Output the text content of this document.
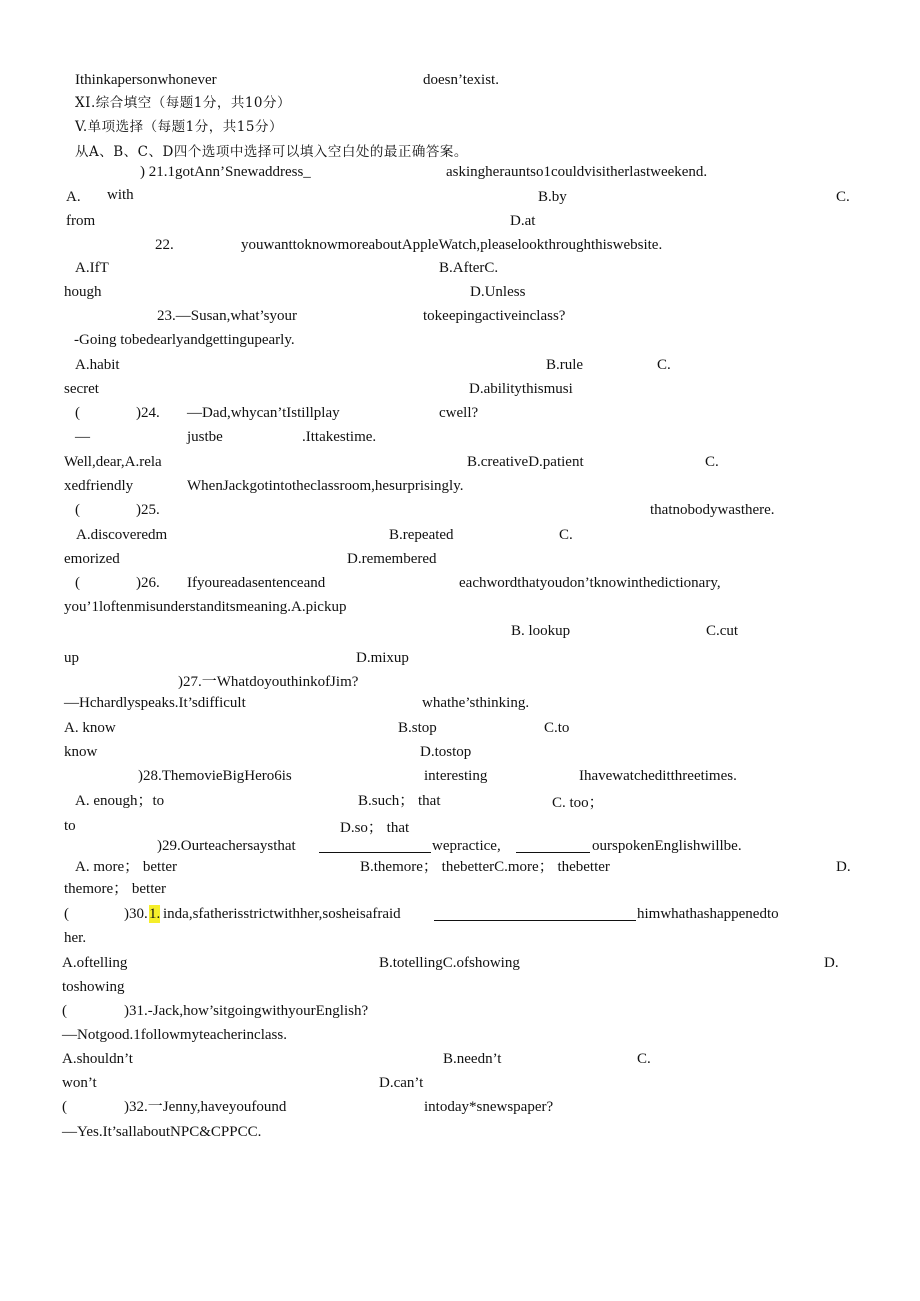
Ithinkapersonwhonever	doesn’texist.
XI.综合填空（每题1分，共10分）
V.单项选择（每题1分，共15分）
从A、B、C、D四个选项中选择可以填入空白处的最正确答案。
) 21.1gotAnn’Snewaddress_	askingherauntso1couldvisitherlastweekend.
A. with	B.by	C.
from	D.at
22.	youwanttoknowmoreaboutAppleWatch,pleaselookthroughthiswebsite.
A.IfT	B.AfterC.
hough	D.Unless
23.—Susan,what’syour	tokeepingactiveinclass?
-Going tobedearlyandgettingupearly.
A.habit	B.rule	C.
secret	D.abilitythismusi
(	)24. —Dad,whycan’tIstillplay	cwell?
—	justbe	.Ittakestime.
Well,dear,A.rela	B.creativeD.patient	C.
xedfriendly	WhenJackgotintotheclassroom,hesurprisingly.
(	)25.	thatnobodywasthere.
A.discoveredm	B.repeated	C.
emorized	D.remembered
(	)26. Ifyoureadasentenceand	eachwordthatyoudon’tknowinthedictionary,
you’1loftenmisunderstanditsmeaning.A.pickup
B. lookup	C.cut
up	D.mixup
)27.一WhatdoyouthinkofJim?
—Hchardlyspeaks.It’sdifficult	whathe’sthinking.
A. know	B.stop	C.to
know	D.tostop
)28.ThemovieBigHero6is	interesting	Ihavewatcheditthreetimes.
A. enough；to	B.such； that	C. too；
to	D.so； that
)29.Ourteachersaysthat	wepractice,	ourspokenEnglishwillbe.
A. more； better	B.themore； thebetterC.more； thebetter	D.
themore； better
(	)30. 1. inda,sfatherisstrictwithher,sosheisafraid	himwhathashappenedto
her.
A.oftelling	B.totellingC.ofshowing	D.
toshowing
(	)31.-Jack,how’sitgoingwithyourEnglish?
—Notgood.1followmyteacherinclass.
A.shouldn’t	B.needn’t	C.
won’t	D.can’t
(	)32.一Jenny,haveyoufound	intoday*snewspaper?
—Yes.It’sallaboutNPC&CPPCC.
